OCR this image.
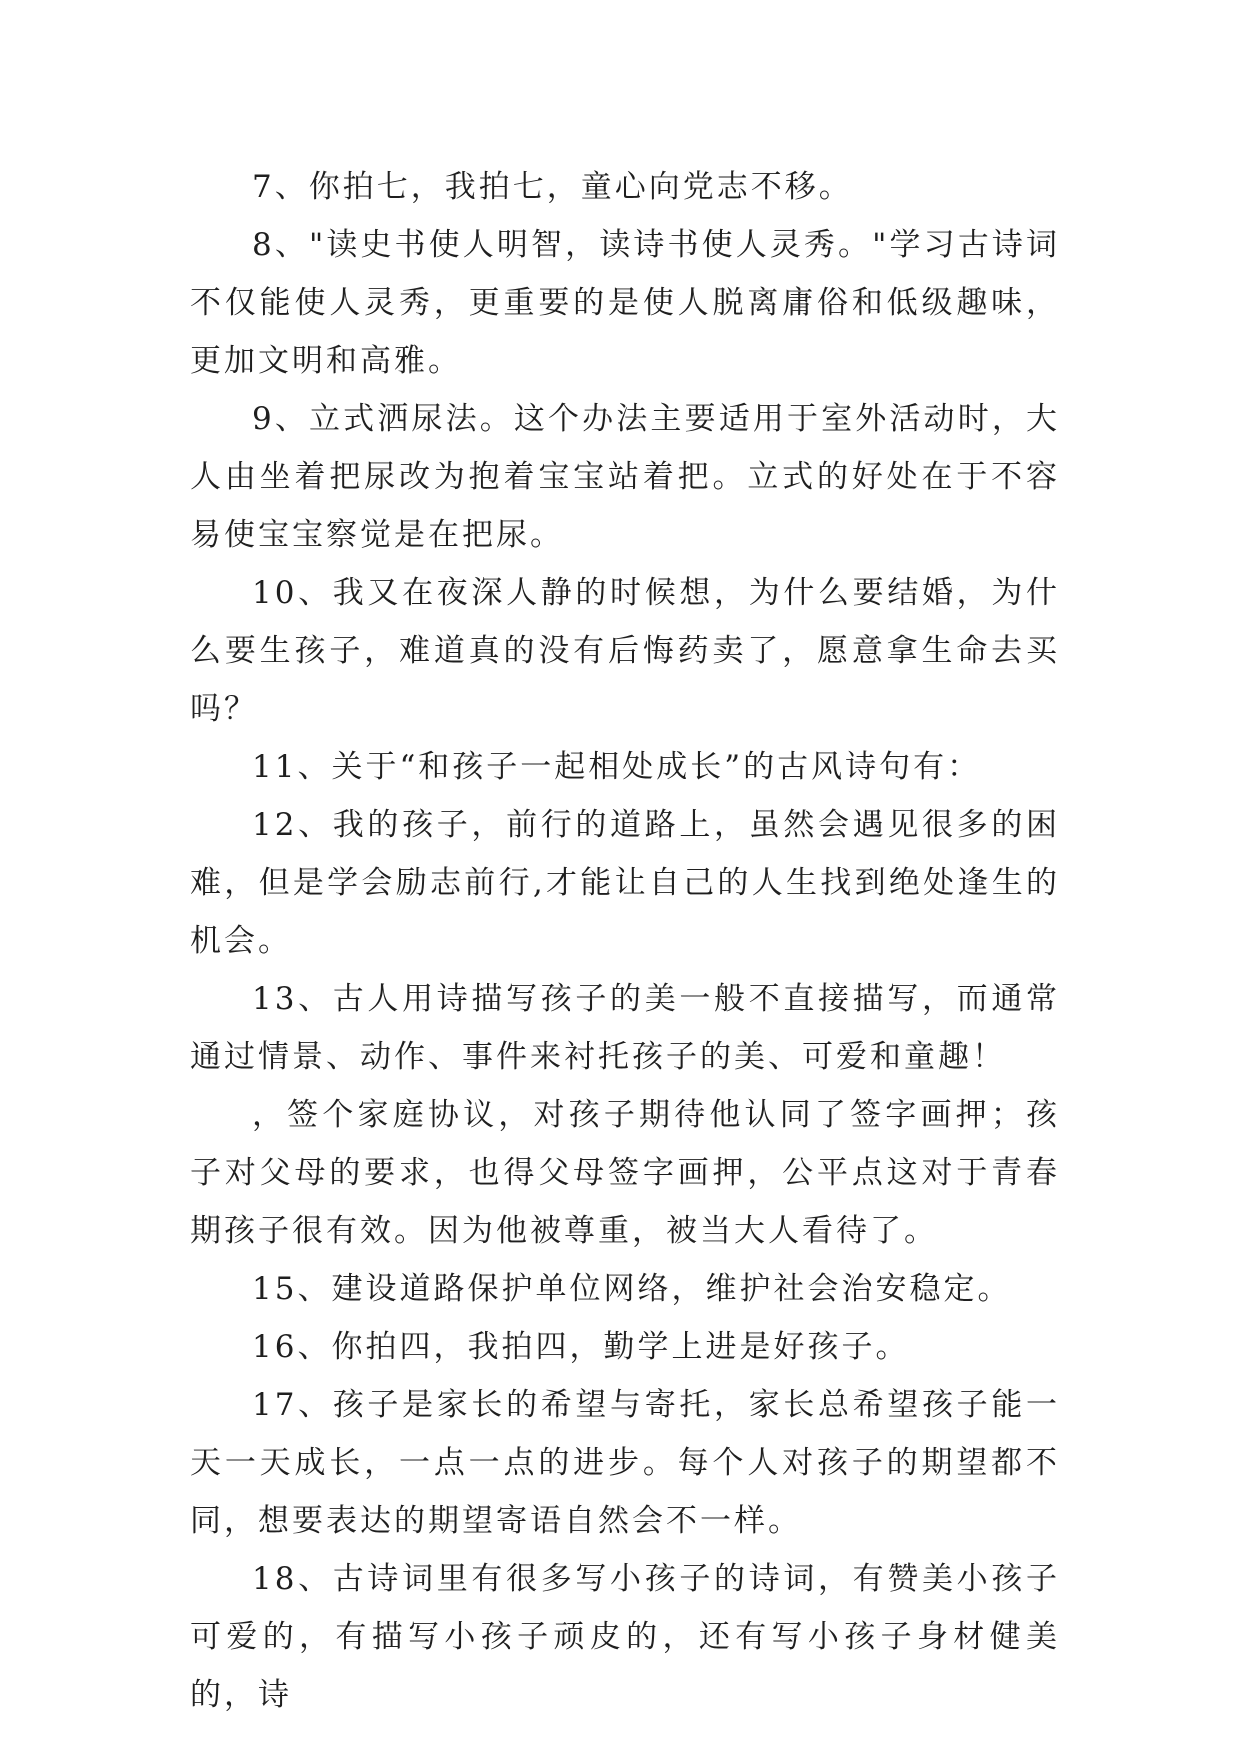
7、你拍七，我拍七，童心向党志不移。

8、"读史书使人明智，读诗书使人灵秀。"学习古诗词不仅能使人灵秀，更重要的是使人脱离庸俗和低级趣味，更加文明和高雅。

9、立式洒尿法。这个办法主要适用于室外活动时，大人由坐着把尿改为抱着宝宝站着把。立式的好处在于不容易使宝宝察觉是在把尿。

10、我又在夜深人静的时候想，为什么要结婚，为什么要生孩子，难道真的没有后悔药卖了，愿意拿生命去买吗？

11、关于“和孩子一起相处成长”的古风诗句有：

12、我的孩子，前行的道路上，虽然会遇见很多的困难，但是学会励志前行,才能让自己的人生找到绝处逢生的机会。

13、古人用诗描写孩子的美一般不直接描写，而通常通过情景、动作、事件来衬托孩子的美、可爱和童趣！

，签个家庭协议，对孩子期待他认同了签字画押；孩子对父母的要求，也得父母签字画押，公平点这对于青春期孩子很有效。因为他被尊重，被当大人看待了。

15、建设道路保护单位网络，维护社会治安稳定。

16、你拍四，我拍四，勤学上进是好孩子。

17、孩子是家长的希望与寄托，家长总希望孩子能一天一天成长，一点一点的进步。每个人对孩子的期望都不同，想要表达的期望寄语自然会不一样。

18、古诗词里有很多写小孩子的诗词，有赞美小孩子可爱的，有描写小孩子顽皮的，还有写小孩子身材健美的，诗
